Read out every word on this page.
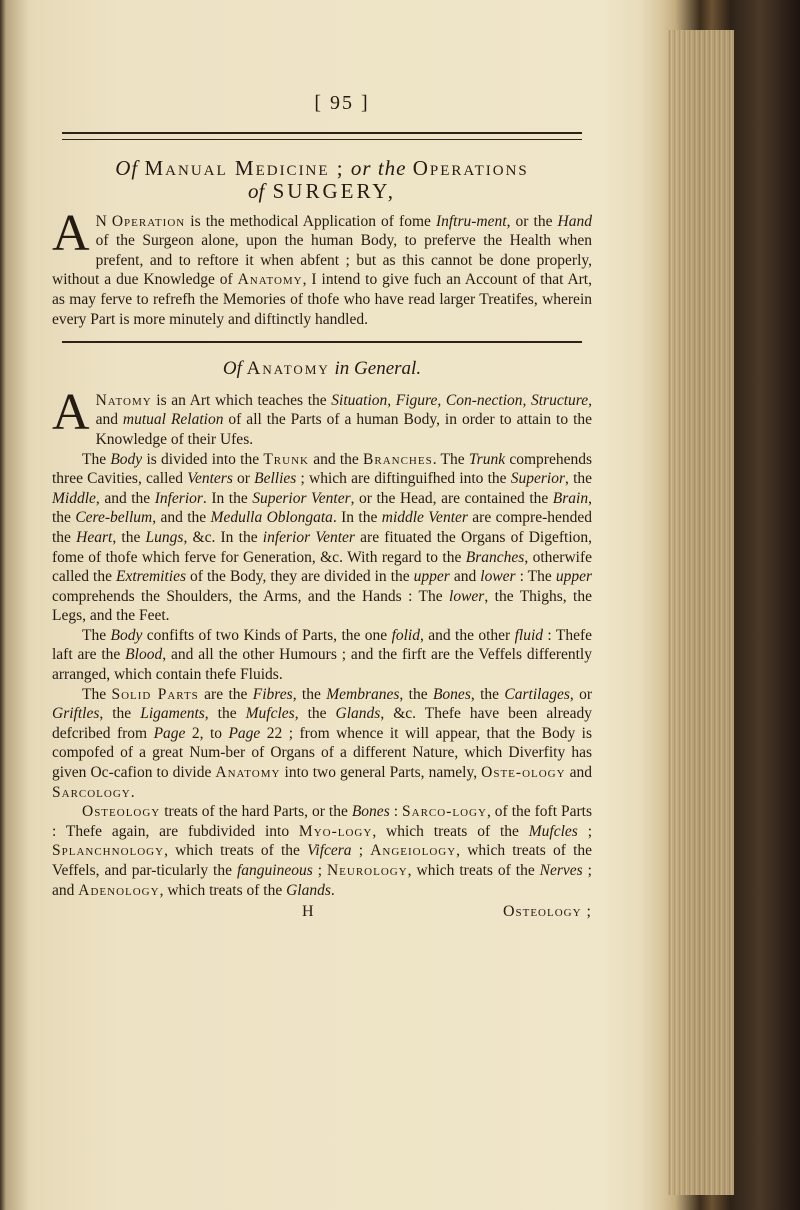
[ 95 ]
Of Manual Medicine ; or the Operations
of SURGERY,

A N Operation is the methodical Application of fome Inftru-ment, or the Hand of the Surgeon alone, upon the human Body, to preferve the Health when prefent, and to reftore it when abfent ; but as this cannot be done properly, without a due Knowledge of Anatomy, I intend to give fuch an Account of that Art, as may ferve to refrefh the Memories of thofe who have read larger Treatifes, wherein every Part is more minutely and diftinctly handled.

Of Anatomy in General.

A Natomy is an Art which teaches the Situation, Figure, Con-nection, Structure, and mutual Relation of all the Parts of a human Body, in order to attain to the Knowledge of their Ufes.

The Body is divided into the Trunk and the Branches. The Trunk comprehends three Cavities, called Venters or Bellies ; which are diftinguifhed into the Superior, the Middle, and the Inferior. In the Superior Venter, or the Head, are contained the Brain, the Cere-bellum, and the Medulla Oblongata. In the middle Venter are compre-hended the Heart, the Lungs, &c. In the inferior Venter are fituated the Organs of Digeftion, fome of thofe which ferve for Generation, &c. With regard to the Branches, otherwife called the Extremities of the Body, they are divided in the upper and lower : The upper comprehends the Shoulders, the Arms, and the Hands : The lower, the Thighs, the Legs, and the Feet.

The Body confifts of two Kinds of Parts, the one folid, and the other fluid : Thefe laft are the Blood, and all the other Humours ; and the firft are the Veffels differently arranged, which contain thefe Fluids.

The Solid Parts are the Fibres, the Membranes, the Bones, the Cartilages, or Griftles, the Ligaments, the Mufcles, the Glands, &c. Thefe have been already defcribed from Page 2, to Page 22 ; from whence it will appear, that the Body is compofed of a great Num-ber of Organs of a different Nature, which Diverfity has given Oc-cafion to divide Anatomy into two general Parts, namely, Oste-ology and Sarcology.

Osteology treats of the hard Parts, or the Bones : Sarco-logy, of the foft Parts : Thefe again, are fubdivided into Myo-logy, which treats of the Mufcles ; Splanchnology, which treats of the Vifcera ; Angeiology, which treats of the Veffels, and par-ticularly the fanguineous ; Neurology, which treats of the Nerves ; and Adenology, which treats of the Glands.

H	Osteology ;
